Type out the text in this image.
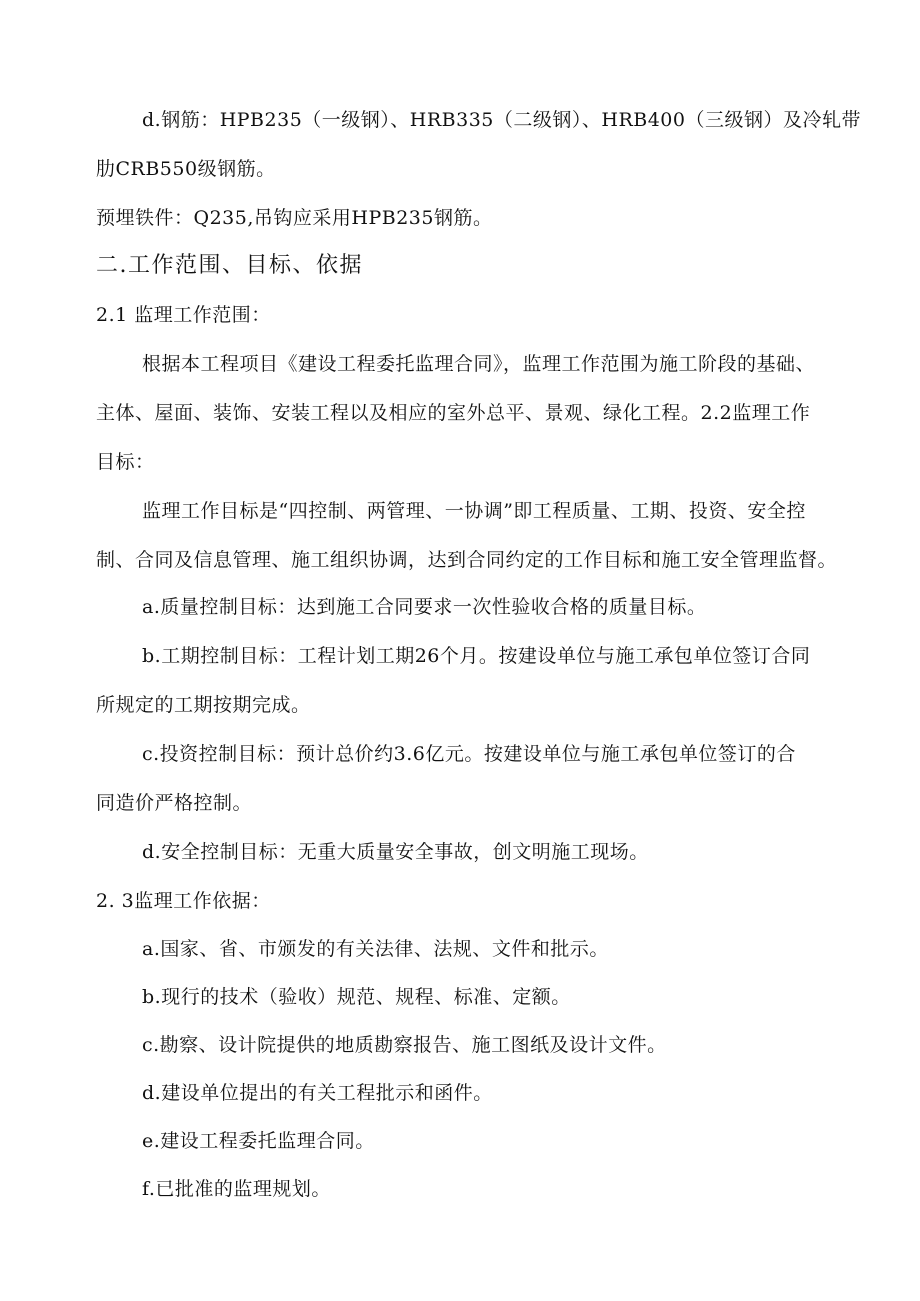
d.钢筋：HPB235（一级钢）、HRB335（二级钢）、HRB400（三级钢）及冷轧带
肋CRB550级钢筋。
预埋铁件：Q235,吊钩应采用HPB235钢筋。
二.工作范围、目标、依据
2.1 监理工作范围：
根据本工程项目《建设工程委托监理合同》，监理工作范围为施工阶段的基础、
主体、屋面、装饰、安装工程以及相应的室外总平、景观、绿化工程。2.2监理工作
目标：
监理工作目标是“四控制、两管理、一协调”即工程质量、工期、投资、安全控
制、合同及信息管理、施工组织协调，达到合同约定的工作目标和施工安全管理监督。
a.质量控制目标：达到施工合同要求一次性验收合格的质量目标。
b.工期控制目标：工程计划工期26个月。按建设单位与施工承包单位签订合同
所规定的工期按期完成。
c.投资控制目标：预计总价约3.6亿元。按建设单位与施工承包单位签订的合
同造价严格控制。
d.安全控制目标：无重大质量安全事故，创文明施工现场。
2. 3监理工作依据：
a.国家、省、市颁发的有关法律、法规、文件和批示。
b.现行的技术（验收）规范、规程、标准、定额。
c.勘察、设计院提供的地质勘察报告、施工图纸及设计文件。
d.建设单位提出的有关工程批示和函件。
e.建设工程委托监理合同。
f.已批准的监理规划。
